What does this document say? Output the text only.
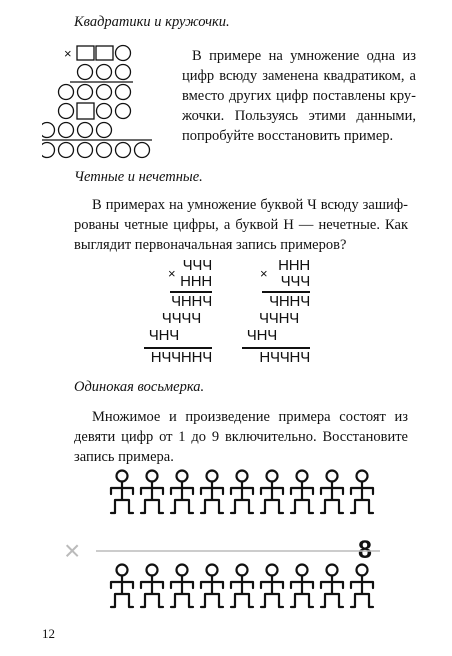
Квадратики и кружочки.
×	В примере на умножение одна из
цифр всюду заменена квадратиком, а
вместо других цифр поставлены кру-
жочки. Пользуясь этими данными,
попробуйте восстановить пример.
Четные и нечетные.
В примерах на умножение буквой Ч всюду зашиф-
рованы четные цифры, а буквой Н — нечетные. Как
выглядит первоначальная запись примеров?
× ЧЧЧ
ННН
ЧННЧ
ЧЧЧЧ
ЧНЧ
НЧЧННЧ
× ННН
ЧЧЧ
ЧННЧ
ЧЧНЧ
ЧНЧ
НЧЧНЧ
Одинокая восьмерка.
Множимое и произведение примера состоят из
девяти цифр от 1 до 9 включительно. Восстановите
запись примера.
×	8
12
